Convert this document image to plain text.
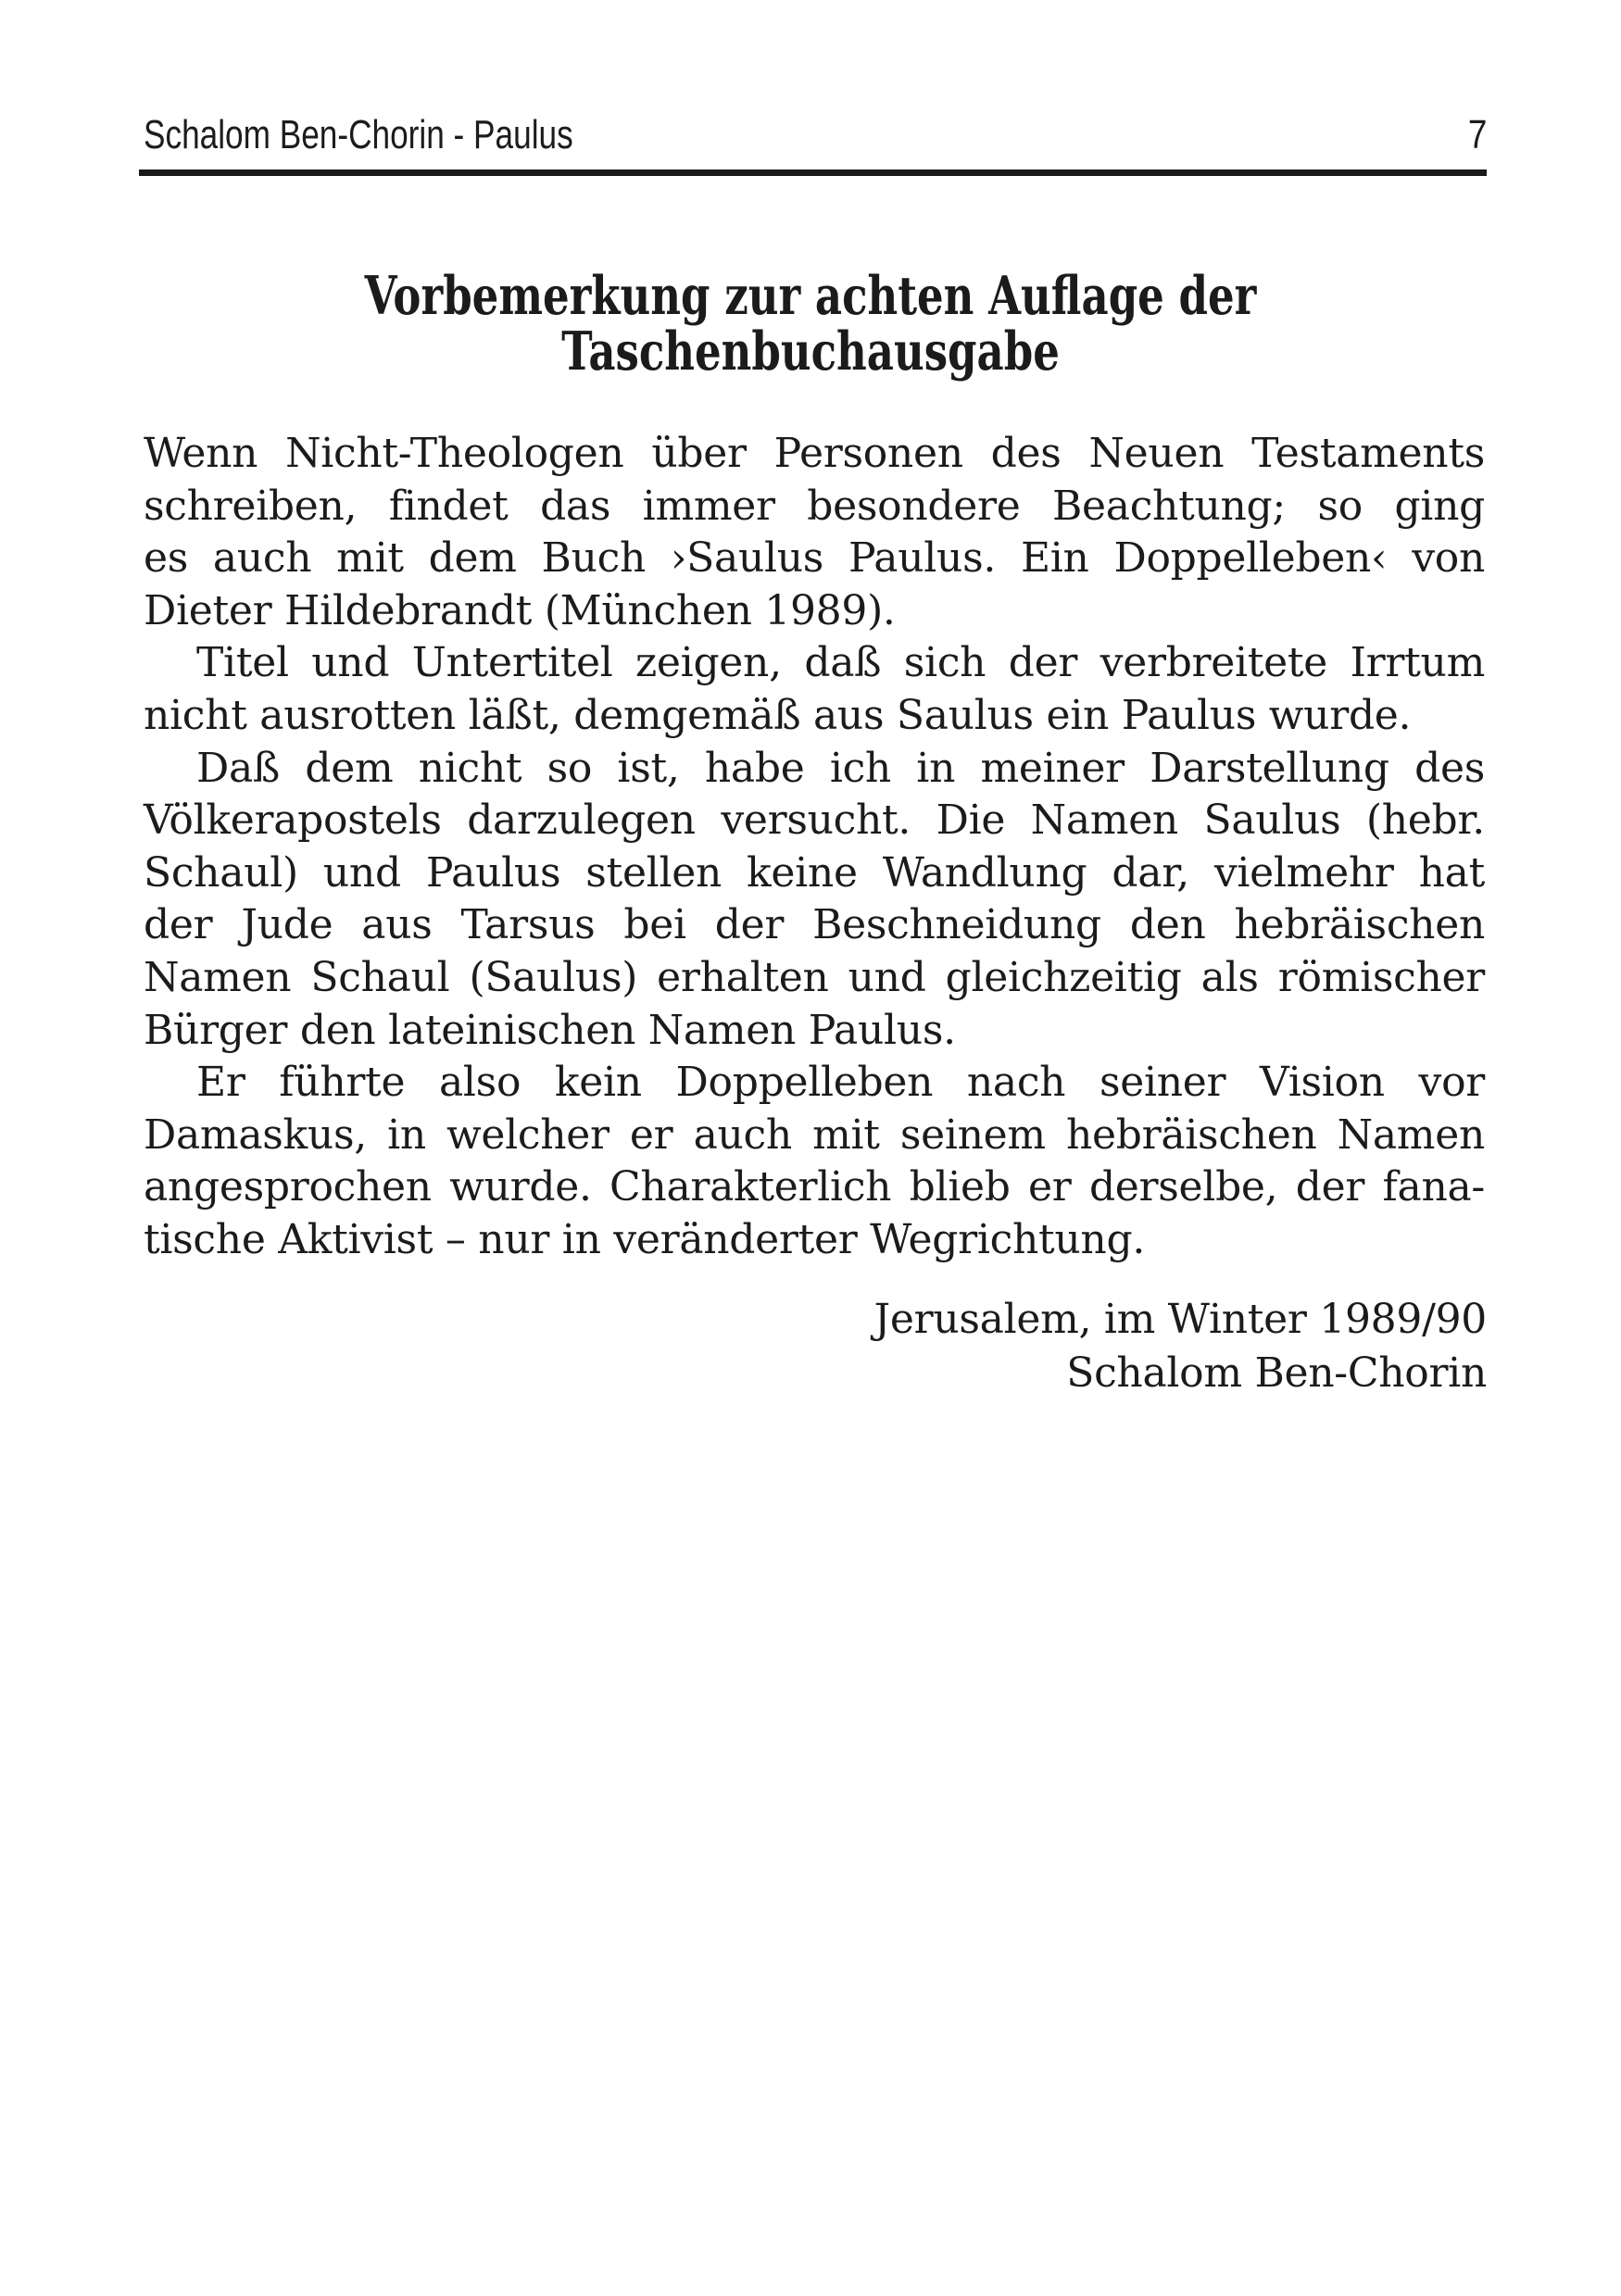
Schalom Ben-Chorin - Paulus	7
Vorbemerkung zur achten Auflage der
Taschenbuchausgabe
Wenn Nicht-Theologen über Personen des Neuen Testaments
schreiben, findet das immer besondere Beachtung; so ging
es auch mit dem Buch ›Saulus Paulus. Ein Doppelleben‹ von
Dieter Hildebrandt (München 1989).
Titel und Untertitel zeigen, daß sich der verbreitete Irrtum
nicht ausrotten läßt, demgemäß aus Saulus ein Paulus wurde.
Daß dem nicht so ist, habe ich in meiner Darstellung des
Völkerapostels darzulegen versucht. Die Namen Saulus (hebr.
Schaul) und Paulus stellen keine Wandlung dar, vielmehr hat
der Jude aus Tarsus bei der Beschneidung den hebräischen
Namen Schaul (Saulus) erhalten und gleichzeitig als römischer
Bürger den lateinischen Namen Paulus.
Er führte also kein Doppelleben nach seiner Vision vor
Damaskus, in welcher er auch mit seinem hebräischen Namen
angesprochen wurde. Charakterlich blieb er derselbe, der fana-
tische Aktivist – nur in veränderter Wegrichtung.
Jerusalem, im Winter 1989/90
Schalom Ben-Chorin
